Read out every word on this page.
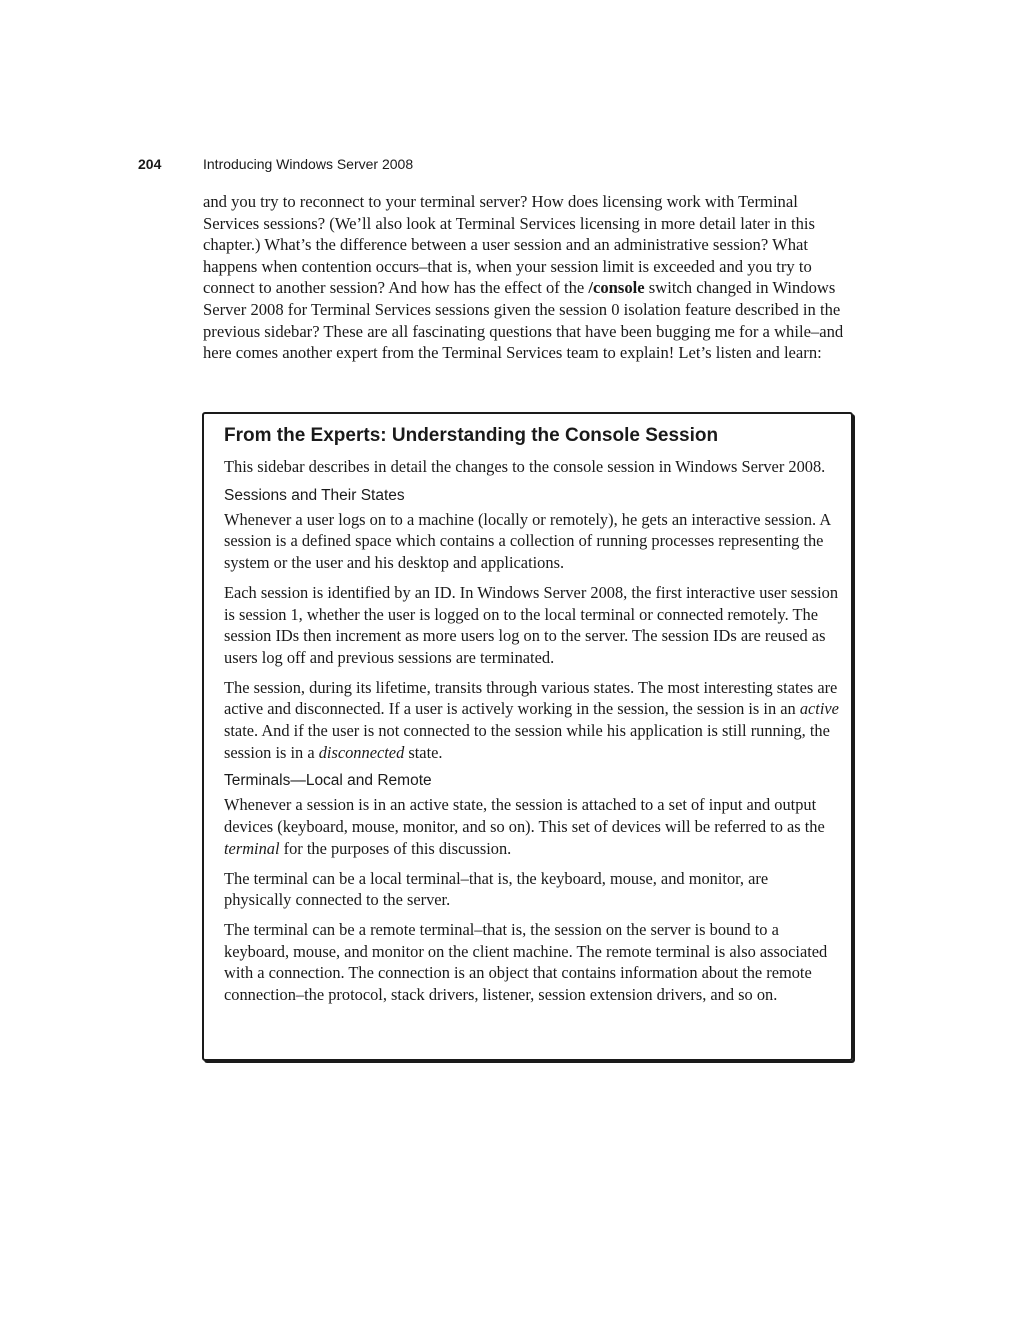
204	Introducing Windows Server 2008

and you try to reconnect to your terminal server? How does licensing work with Terminal Services sessions? (We’ll also look at Terminal Services licensing in more detail later in this chapter.) What’s the difference between a user session and an administrative session? What happens when contention occurs–that is, when your session limit is exceeded and you try to connect to another session? And how has the effect of the /console switch changed in Windows Server 2008 for Terminal Services sessions given the session 0 isolation feature described in the previous sidebar? These are all fascinating questions that have been bugging me for a while–and here comes another expert from the Terminal Services team to explain! Let’s listen and learn:

From the Experts: Understanding the Console Session

This sidebar describes in detail the changes to the console session in Windows Server 2008.

Sessions and Their States

Whenever a user logs on to a machine (locally or remotely), he gets an interactive session. A session is a defined space which contains a collection of running processes representing the system or the user and his desktop and applications.

Each session is identified by an ID. In Windows Server 2008, the first interactive user session is session 1, whether the user is logged on to the local terminal or connected remotely. The session IDs then increment as more users log on to the server. The session IDs are reused as users log off and previous sessions are terminated.

The session, during its lifetime, transits through various states. The most interesting states are active and disconnected. If a user is actively working in the session, the session is in an active state. And if the user is not connected to the session while his application is still running, the session is in a disconnected state.

Terminals—Local and Remote

Whenever a session is in an active state, the session is attached to a set of input and output devices (keyboard, mouse, monitor, and so on). This set of devices will be referred to as the terminal for the purposes of this discussion.

The terminal can be a local terminal–that is, the keyboard, mouse, and monitor, are physically connected to the server.

The terminal can be a remote terminal–that is, the session on the server is bound to a keyboard, mouse, and monitor on the client machine. The remote terminal is also associated with a connection. The connection is an object that contains information about the remote connection–the protocol, stack drivers, listener, session extension drivers, and so on.
